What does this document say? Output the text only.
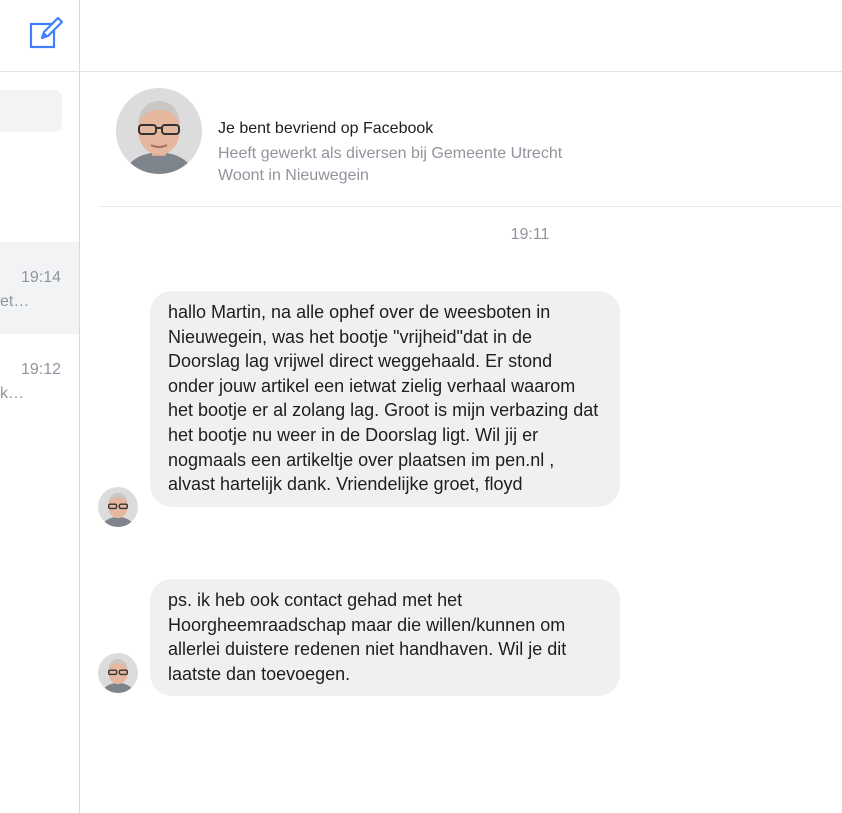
19:14
et…
19:12
k…
Je bent bevriend op Facebook
Heeft gewerkt als diversen bij Gemeente Utrecht
Woont in Nieuwegein
19:11
hallo Martin, na alle ophef over de weesboten in Nieuwegein, was het bootje "vrijheid"dat in de Doorslag lag vrijwel direct weggehaald. Er stond onder jouw artikel een ietwat zielig verhaal waarom het bootje er al zolang lag. Groot is mijn verbazing dat het bootje nu weer in de Doorslag ligt. Wil jij er nogmaals een artikeltje over plaatsen im pen.nl , alvast hartelijk dank. Vriendelijke groet, floyd
ps. ik heb ook contact gehad met het Hoorgheemraadschap maar die willen/kunnen om allerlei duistere redenen niet handhaven. Wil je dit laatste dan toevoegen.
